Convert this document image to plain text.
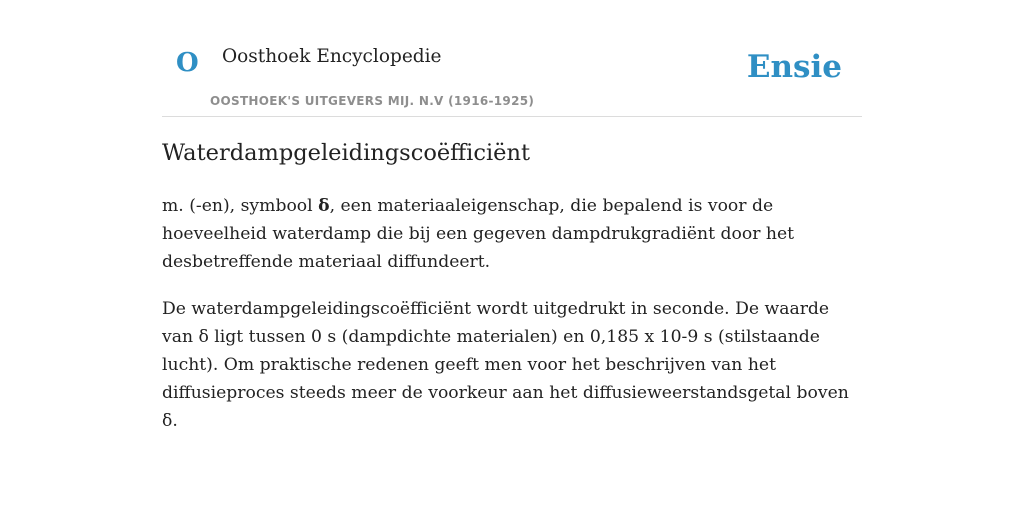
O Oosthoek Encyclopedie
OOSTHOEK'S UITGEVERS MIJ. N.V (1916-1925)
Ensie
Waterdampgeleidingscoëfficiënt

m. (-en), symbool δ, een materiaaleigenschap, die bepalend is voor de hoeveelheid waterdamp die bij een gegeven dampdrukgradiënt door het desbetreffende materiaal diffundeert.

De waterdampgeleidingscoëfficiënt wordt uitgedrukt in seconde. De waarde van δ ligt tussen 0 s (dampdichte materialen) en 0,185 x 10-9 s (stilstaande lucht). Om praktische redenen geeft men voor het beschrijven van het diffusieproces steeds meer de voorkeur aan het diffusieweerstandsgetal boven δ.
